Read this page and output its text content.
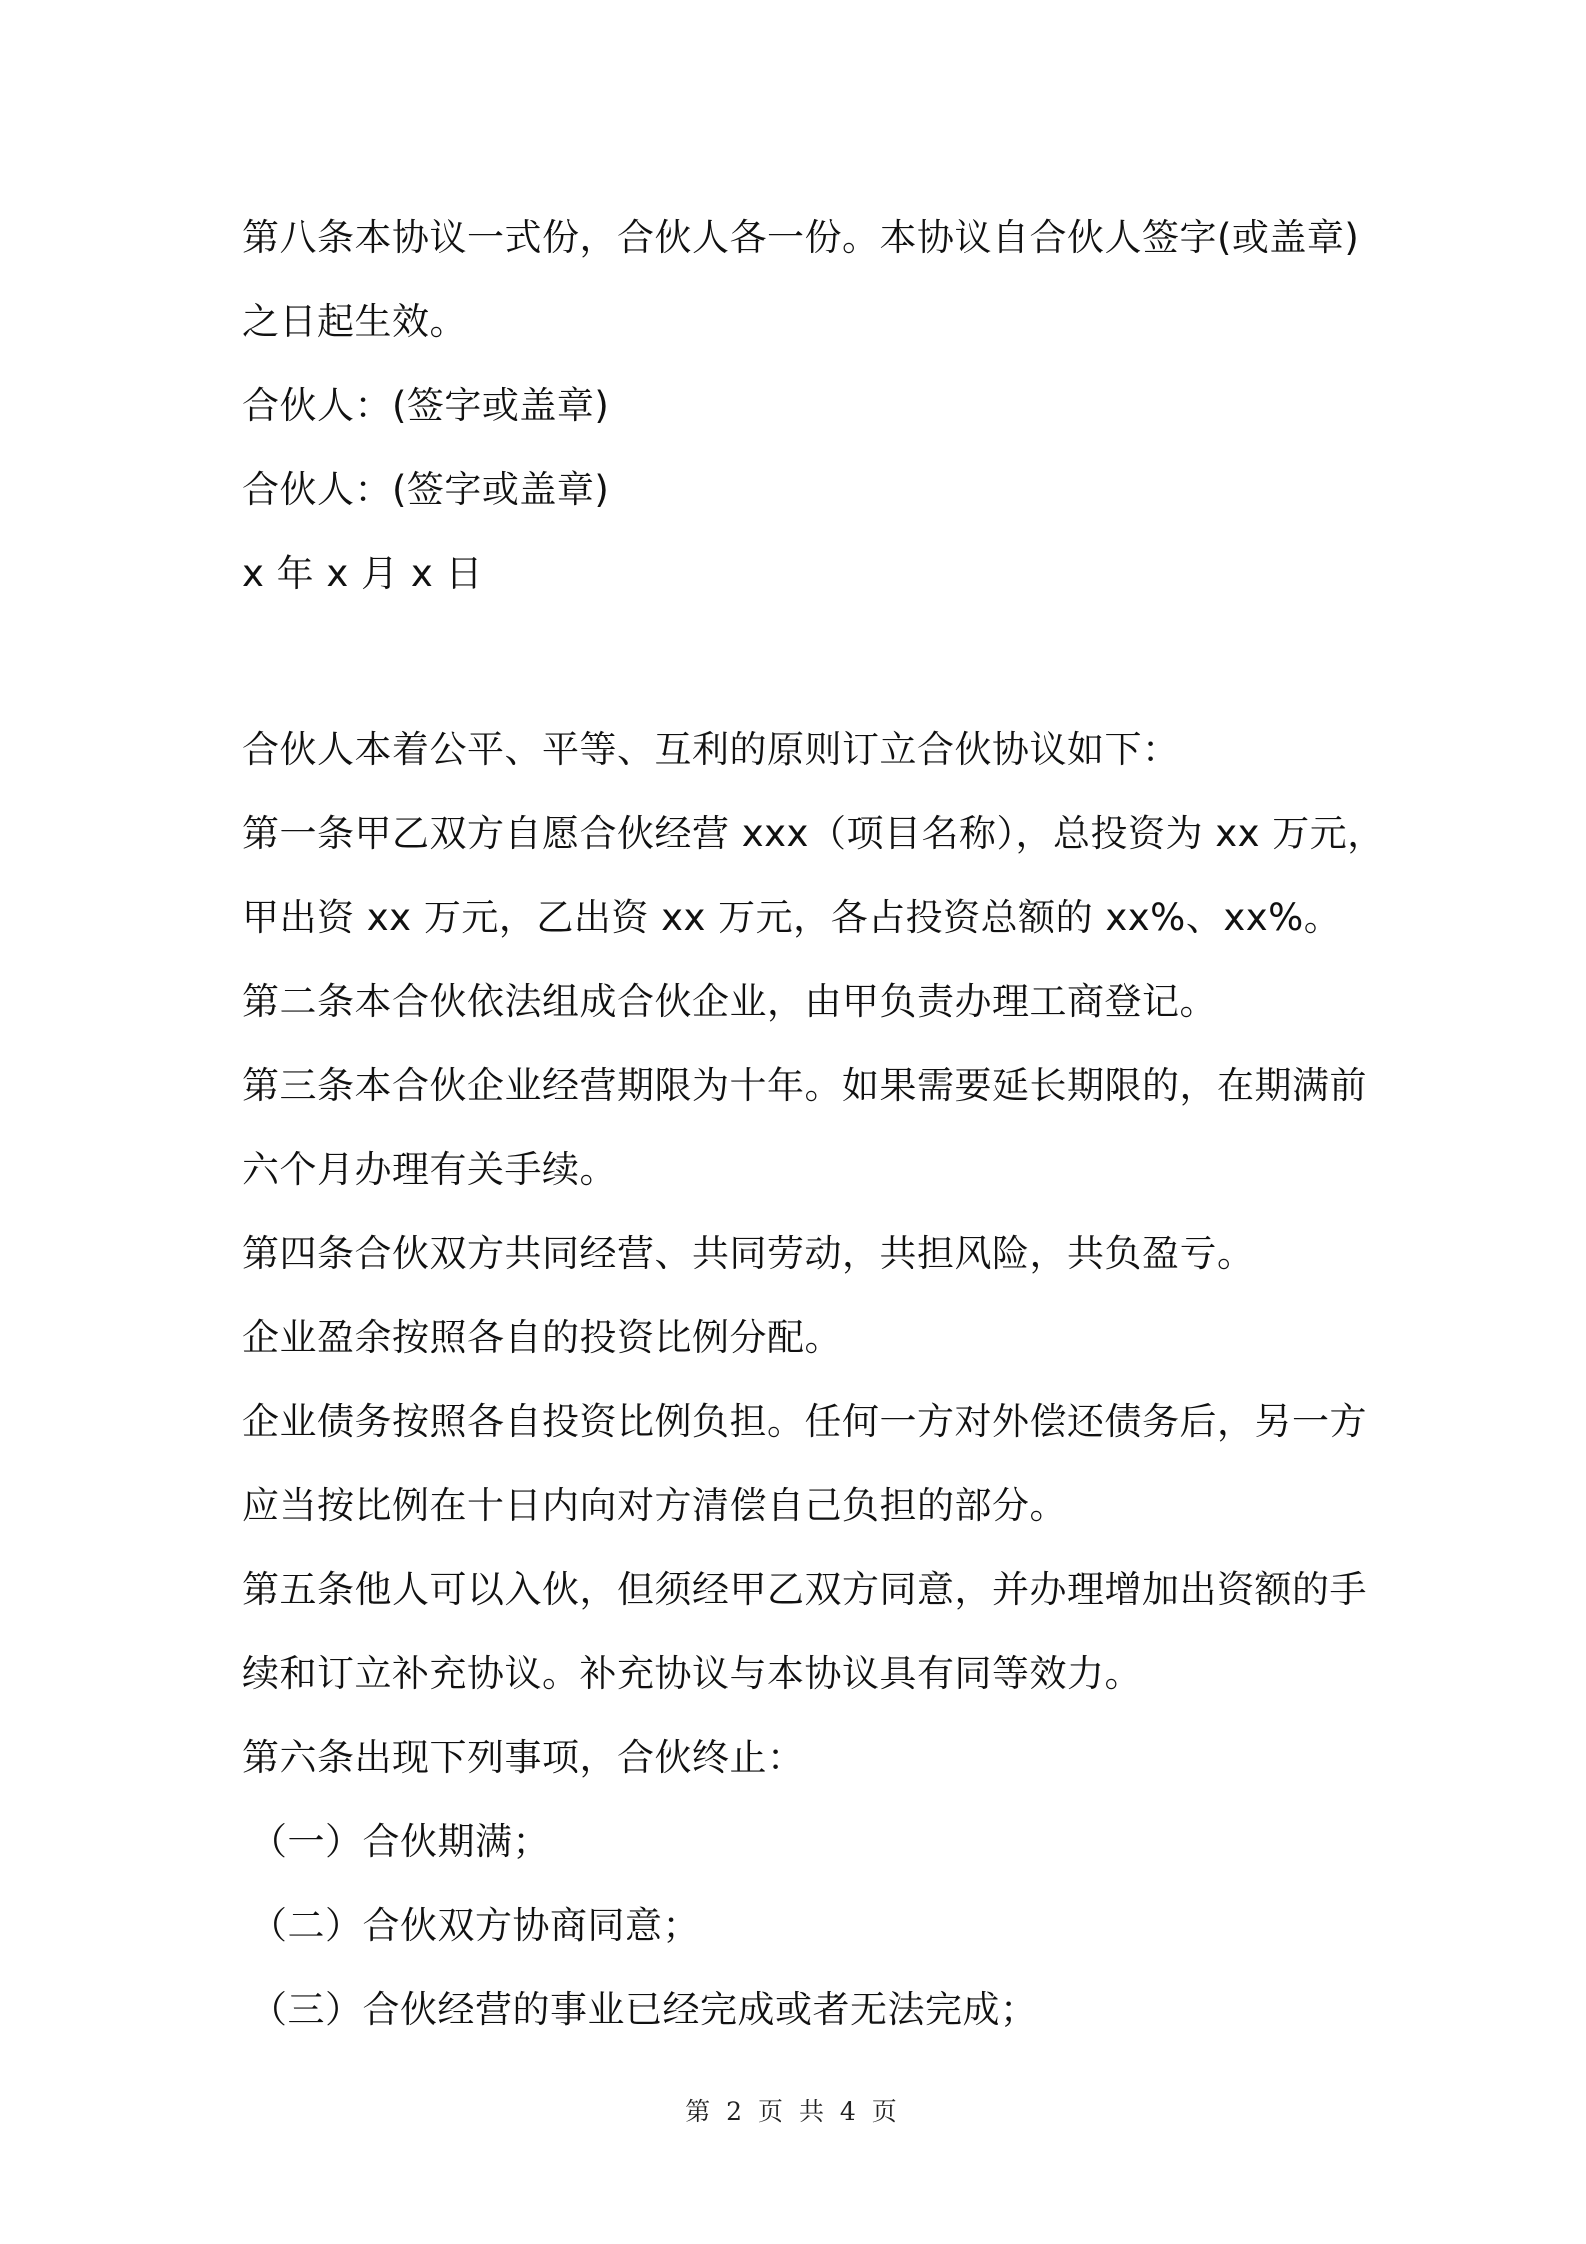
第八条本协议一式份，合伙人各一份。本协议自合伙人签字(或盖章)
之日起生效。
合伙人：(签字或盖章)
合伙人：(签字或盖章)
x 年 x 月 x 日
合伙人本着公平、平等、互利的原则订立合伙协议如下：
第一条甲乙双方自愿合伙经营 xxx（项目名称），总投资为 xx 万元，
甲出资 xx 万元，乙出资 xx 万元，各占投资总额的 xx%、xx%。
第二条本合伙依法组成合伙企业，由甲负责办理工商登记。
第三条本合伙企业经营期限为十年。如果需要延长期限的，在期满前
六个月办理有关手续。
第四条合伙双方共同经营、共同劳动，共担风险，共负盈亏。
企业盈余按照各自的投资比例分配。
企业债务按照各自投资比例负担。任何一方对外偿还债务后，另一方
应当按比例在十日内向对方清偿自己负担的部分。
第五条他人可以入伙，但须经甲乙双方同意，并办理增加出资额的手
续和订立补充协议。补充协议与本协议具有同等效力。
第六条出现下列事项，合伙终止：
（一）合伙期满；
（二）合伙双方协商同意；
（三）合伙经营的事业已经完成或者无法完成；
第 2 页 共 4 页
